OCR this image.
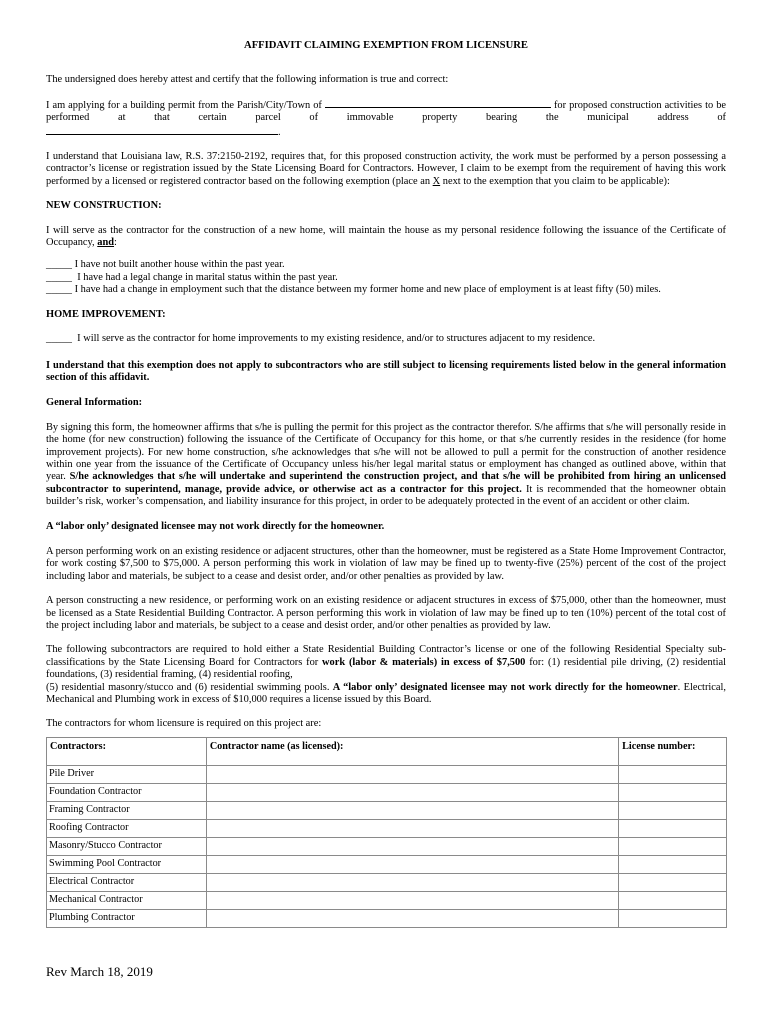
AFFIDAVIT CLAIMING EXEMPTION FROM LICENSURE

The undersigned does hereby attest and certify that the following information is true and correct:

I am applying for a building permit from the Parish/City/Town of	for proposed construction activities to be performed at that certain parcel of immovable property bearing the municipal address of

.

I understand that Louisiana law, R.S. 37:2150-2192, requires that, for this proposed construction activity, the work must be performed by a person possessing a contractor’s license or registration issued by the State Licensing Board for Contractors. However, I claim to be exempt from the requirement of having this work performed by a licensed or registered contractor based on the following exemption (place an X next to the exemption that you claim to be applicable):

NEW CONSTRUCTION:

I will serve as the contractor for the construction of a new home, will maintain the house as my personal residence following the issuance of the Certificate of Occupancy, and:

_____ I have not built another house within the past year.
_____ I have had a legal change in marital status within the past year.
_____ I have had a change in employment such that the distance between my former home and new place of employment is at least fifty (50) miles.
HOME IMPROVEMENT:
_____ I will serve as the contractor for home improvements to my existing residence, and/or to structures adjacent to my residence.

I understand that this exemption does not apply to subcontractors who are still subject to licensing requirements listed below in the general information section of this affidavit.

General Information:

By signing this form, the homeowner affirms that s/he is pulling the permit for this project as the contractor therefor. S/he affirms that s/he will personally reside in the home (for new construction) following the issuance of the Certificate of Occupancy for this home, or that s/he currently resides in the residence (for home improvement projects). For new home construction, s/he acknowledges that s/he will not be allowed to pull a permit for the construction of another residence within one year from the issuance of the Certificate of Occupancy unless his/her legal marital status or employment has changed as outlined above, within that year. S/he acknowledges that s/he will undertake and superintend the construction project, and that s/he will be prohibited from hiring an unlicensed subcontractor to superintend, manage, provide advice, or otherwise act as a contractor for this project. It is recommended that the homeowner obtain builder’s risk, worker’s compensation, and liability insurance for this project, in order to be adequately protected in the event of an accident or other claim.

A “labor only’ designated licensee may not work directly for the homeowner.

A person performing work on an existing residence or adjacent structures, other than the homeowner, must be registered as a State Home Improvement Contractor, for work costing $7,500 to $75,000. A person performing this work in violation of law may be fined up to twenty-five (25%) percent of the cost of the project including labor and materials, be subject to a cease and desist order, and/or other penalties as provided by law.

A person constructing a new residence, or performing work on an existing residence or adjacent structures in excess of $75,000, other than the homeowner, must be licensed as a State Residential Building Contractor. A person performing this work in violation of law may be fined up to ten (10%) percent of the total cost of the project including labor and materials, be subject to a cease and desist order, and/or other penalties as provided by law.

The following subcontractors are required to hold either a State Residential Building Contractor’s license or one of the following Residential Specialty sub-classifications by the State Licensing Board for Contractors for work (labor & materials) in excess of $7,500 for: (1) residential pile driving, (2) residential foundations, (3) residential framing, (4) residential roofing,
(5) residential masonry/stucco and (6) residential swimming pools. A “labor only’ designated licensee may not work directly for the homeowner. Electrical, Mechanical and Plumbing work in excess of $10,000 requires a license issued by this Board.

The contractors for whom licensure is required on this project are:

Contractors:	Contractor name (as licensed):	License number:
Pile Driver		
Foundation Contractor		
Framing Contractor		
Roofing Contractor		
Masonry/Stucco Contractor		
Swimming Pool Contractor		
Electrical Contractor		
Mechanical Contractor		
Plumbing Contractor		
Rev March 18, 2019
